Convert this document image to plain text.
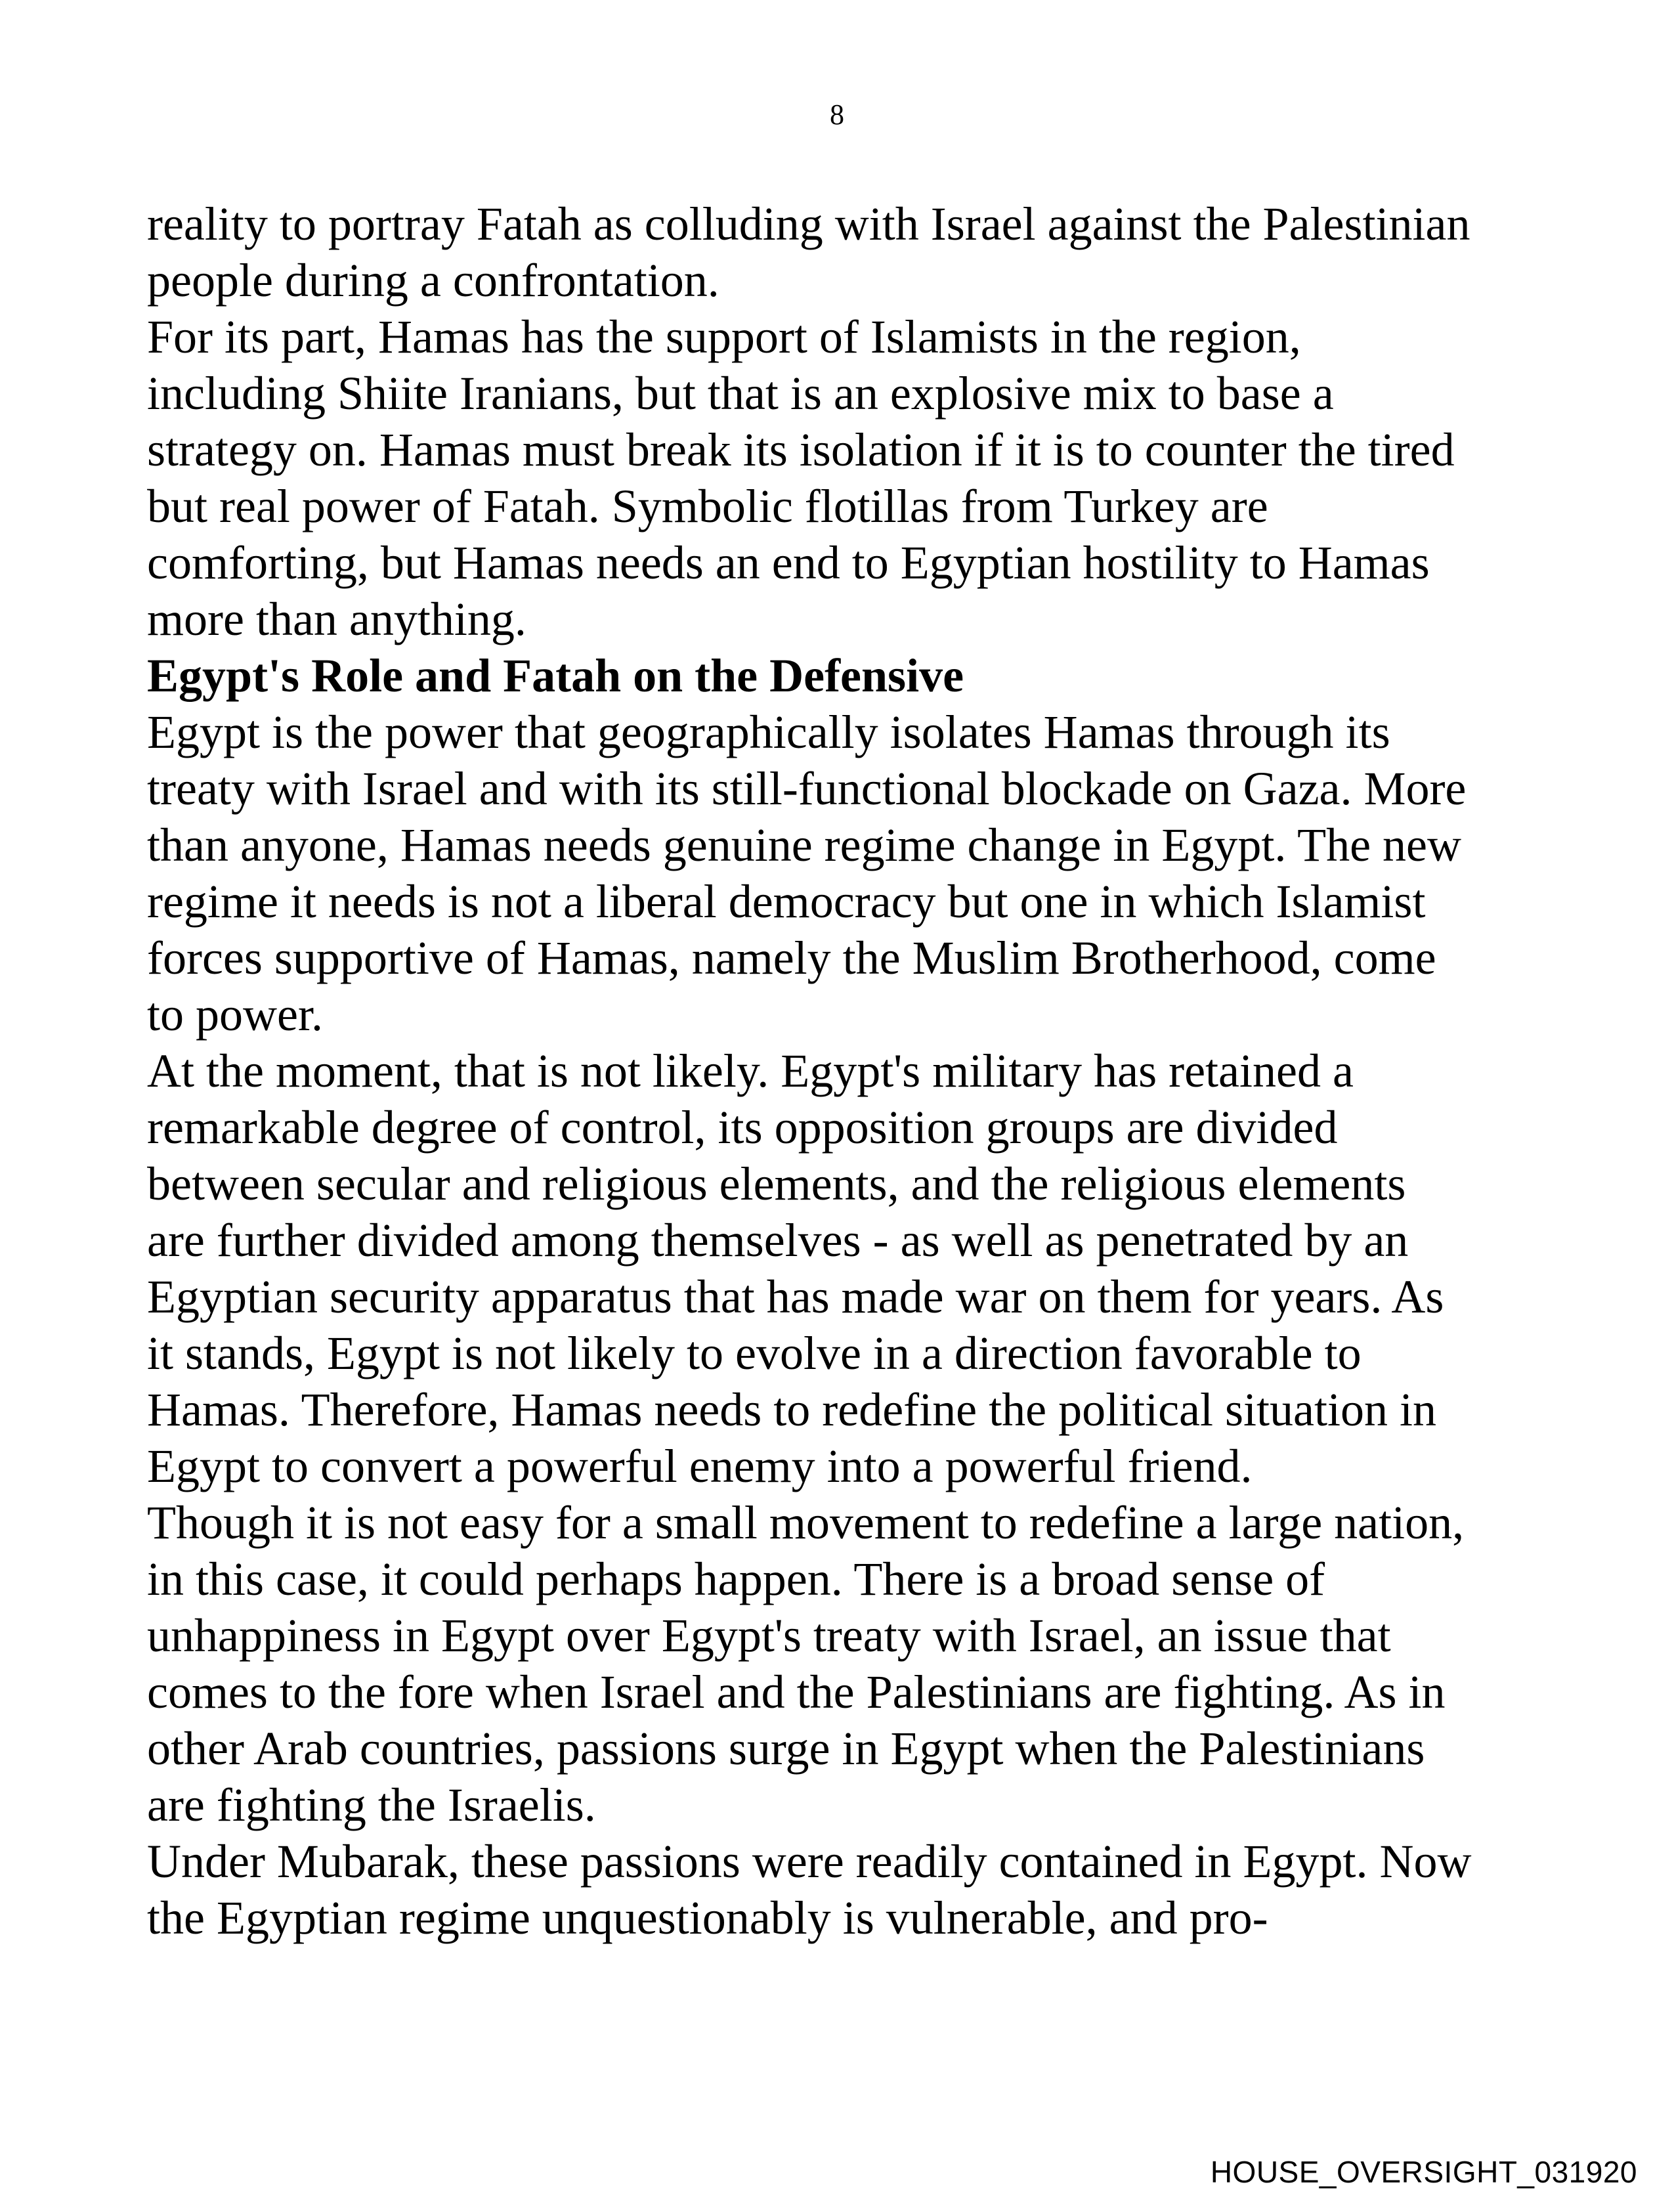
8
reality to portray Fatah as colluding with Israel against the Palestinian
people during a confrontation.
For its part, Hamas has the support of Islamists in the region,
including Shiite Iranians, but that is an explosive mix to base a
strategy on. Hamas must break its isolation if it is to counter the tired
but real power of Fatah. Symbolic flotillas from Turkey are
comforting, but Hamas needs an end to Egyptian hostility to Hamas
more than anything.
Egypt's Role and Fatah on the Defensive
Egypt is the power that geographically isolates Hamas through its
treaty with Israel and with its still-functional blockade on Gaza. More
than anyone, Hamas needs genuine regime change in Egypt. The new
regime it needs is not a liberal democracy but one in which Islamist
forces supportive of Hamas, namely the Muslim Brotherhood, come
to power.
At the moment, that is not likely. Egypt's military has retained a
remarkable degree of control, its opposition groups are divided
between secular and religious elements, and the religious elements
are further divided among themselves - as well as penetrated by an
Egyptian security apparatus that has made war on them for years. As
it stands, Egypt is not likely to evolve in a direction favorable to
Hamas. Therefore, Hamas needs to redefine the political situation in
Egypt to convert a powerful enemy into a powerful friend.
Though it is not easy for a small movement to redefine a large nation,
in this case, it could perhaps happen. There is a broad sense of
unhappiness in Egypt over Egypt's treaty with Israel, an issue that
comes to the fore when Israel and the Palestinians are fighting. As in
other Arab countries, passions surge in Egypt when the Palestinians
are fighting the Israelis.
Under Mubarak, these passions were readily contained in Egypt. Now
the Egyptian regime unquestionably is vulnerable, and pro-
HOUSE_OVERSIGHT_031920
